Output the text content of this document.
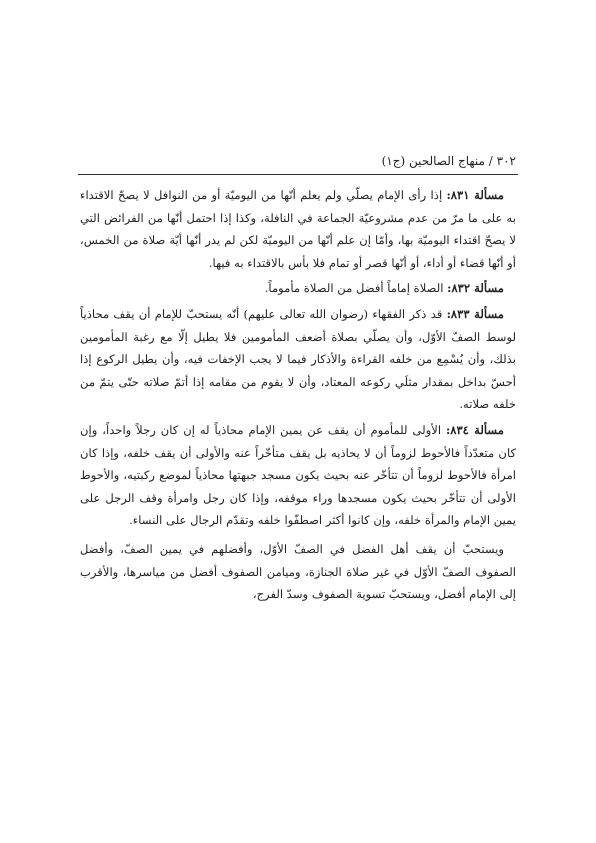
٣٠٢ / منهاج الصالحين (ج١)

مسألة ٨٣١: إذا رأى الإمام يصلّي ولم يعلم أنّها من اليوميّة أو من النوافل لا يصحّ الاقتداء به على ما مرّ من عدم مشروعيّة الجماعة في النافلة، وكذا إذا احتمل أنّها من الفرائض التي لا يصحّ اقتداء اليوميّة بها، وأمّا إن علم أنّها من اليوميّة لكن لم يدر أنّها أيّة صلاة من الخمس، أو أنّها قضاء أو أداء، أو أنّها قصر أو تمام فلا بأس بالاقتداء به فيها.

مسألة ٨٣٢: الصلاة إماماً أفضل من الصلاة مأموماً.

مسألة ٨٣٣: قد ذكر الفقهاء (رضوان الله تعالى عليهم) أنّه يستحبّ للإمام أن يقف محاذياً لوسط الصفّ الأوّل، وأن يصلّي بصلاة أضعف المأمومين فلا يطيل إلّا مع رغبة المأمومين بذلك، وأن يُسْمِع من خلفه القراءة والأذكار فيما لا يجب الإخفات فيه، وأن يطيل الركوع إذا أحسّ بداخل بمقدار مثلَي ركوعه المعتاد، وأن لا يقوم من مقامه إذا أتمّ صلاته حتّى يتمّ من خلفه صلاته.

مسألة ٨٣٤: الأولى للمأموم أن يقف عن يمين الإمام محاذياً له إن كان رجلاً واحداً، وإن كان متعدّداً فالأحوط لزوماً أن لا يحاذيه بل يقف متأخّراً عنه والأولى أن يقف خلفه، وإذا كان امرأة فالأحوط لزوماً أن تتأخّر عنه بحيث يكون مسجد جبهتها محاذياً لموضع ركبتيه، والأحوط الأولى أن تتأخّر بحيث يكون مسجدها وراء موقفه، وإذا كان رجل وامرأة وقف الرجل على يمين الإمام والمرأة خلفه، وإن كانوا أكثر اصطفّوا خلفه وتقدّم الرجال على النساء.

ويستحبّ أن يقف أهل الفضل في الصفّ الأوّل، وأفضلهم في يمين الصفّ، وأفضل الصفوف الصفّ الأوّل في غير صلاة الجنازة، وميامن الصفوف أفضل من مياسرها، والأقرب إلى الإمام أفضل، ويستحبّ تسوية الصفوف وسدّ الفرج،
